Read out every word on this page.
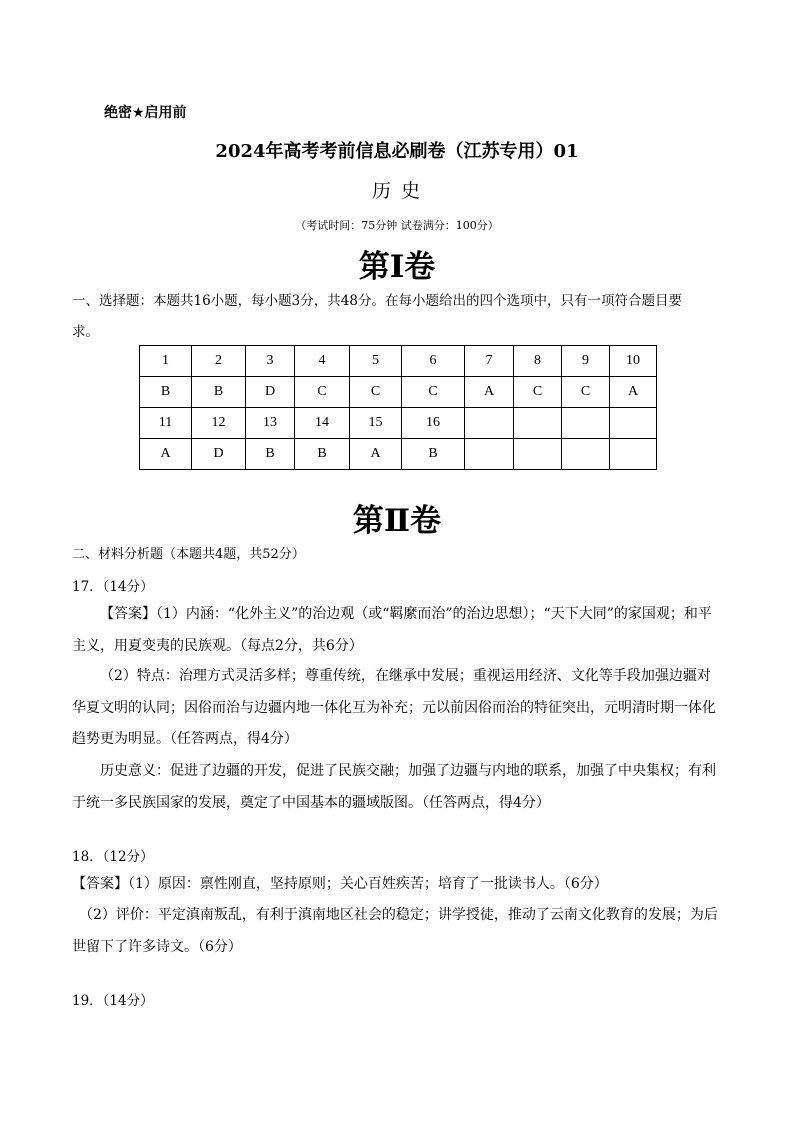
绝密★启用前
2024年高考考前信息必刷卷（江苏专用）01
历 史
（考试时间：75分钟 试卷满分：100分）
第Ⅰ卷
一、选择题：本题共16小题，每小题3分，共48分。在每小题给出的四个选项中，只有一项符合题目要
求。
1	2	3	4	5	6	7	8	9	10
B	B	D	C	C	C	A	C	C	A
11	12	13	14	15	16				
A	D	B	B	A	B				
第Ⅱ卷
二、材料分析题（本题共4题，共52分）
17．（14分）
【答案】（1）内涵：“化外主义”的治边观（或“羁縻而治”的治边思想）；“天下大同”的家国观；和平主义，用夏变夷的民族观。（每点2分，共6分）
（2）特点：治理方式灵活多样；尊重传统，在继承中发展；重视运用经济、文化等手段加强边疆对华夏文明的认同；因俗而治与边疆内地一体化互为补充；元以前因俗而治的特征突出，元明清时期一体化趋势更为明显。（任答两点，得4分）
历史意义：促进了边疆的开发，促进了民族交融；加强了边疆与内地的联系，加强了中央集权；有利于统一多民族国家的发展，奠定了中国基本的疆域版图。（任答两点，得4分）
18．（12分）
【答案】（1）原因：禀性刚直，坚持原则；关心百姓疾苦；培育了一批读书人。（6分）
（2）评价：平定滇南叛乱，有利于滇南地区社会的稳定；讲学授徒，推动了云南文化教育的发展；为后世留下了许多诗文。（6分）
19．（14分）
